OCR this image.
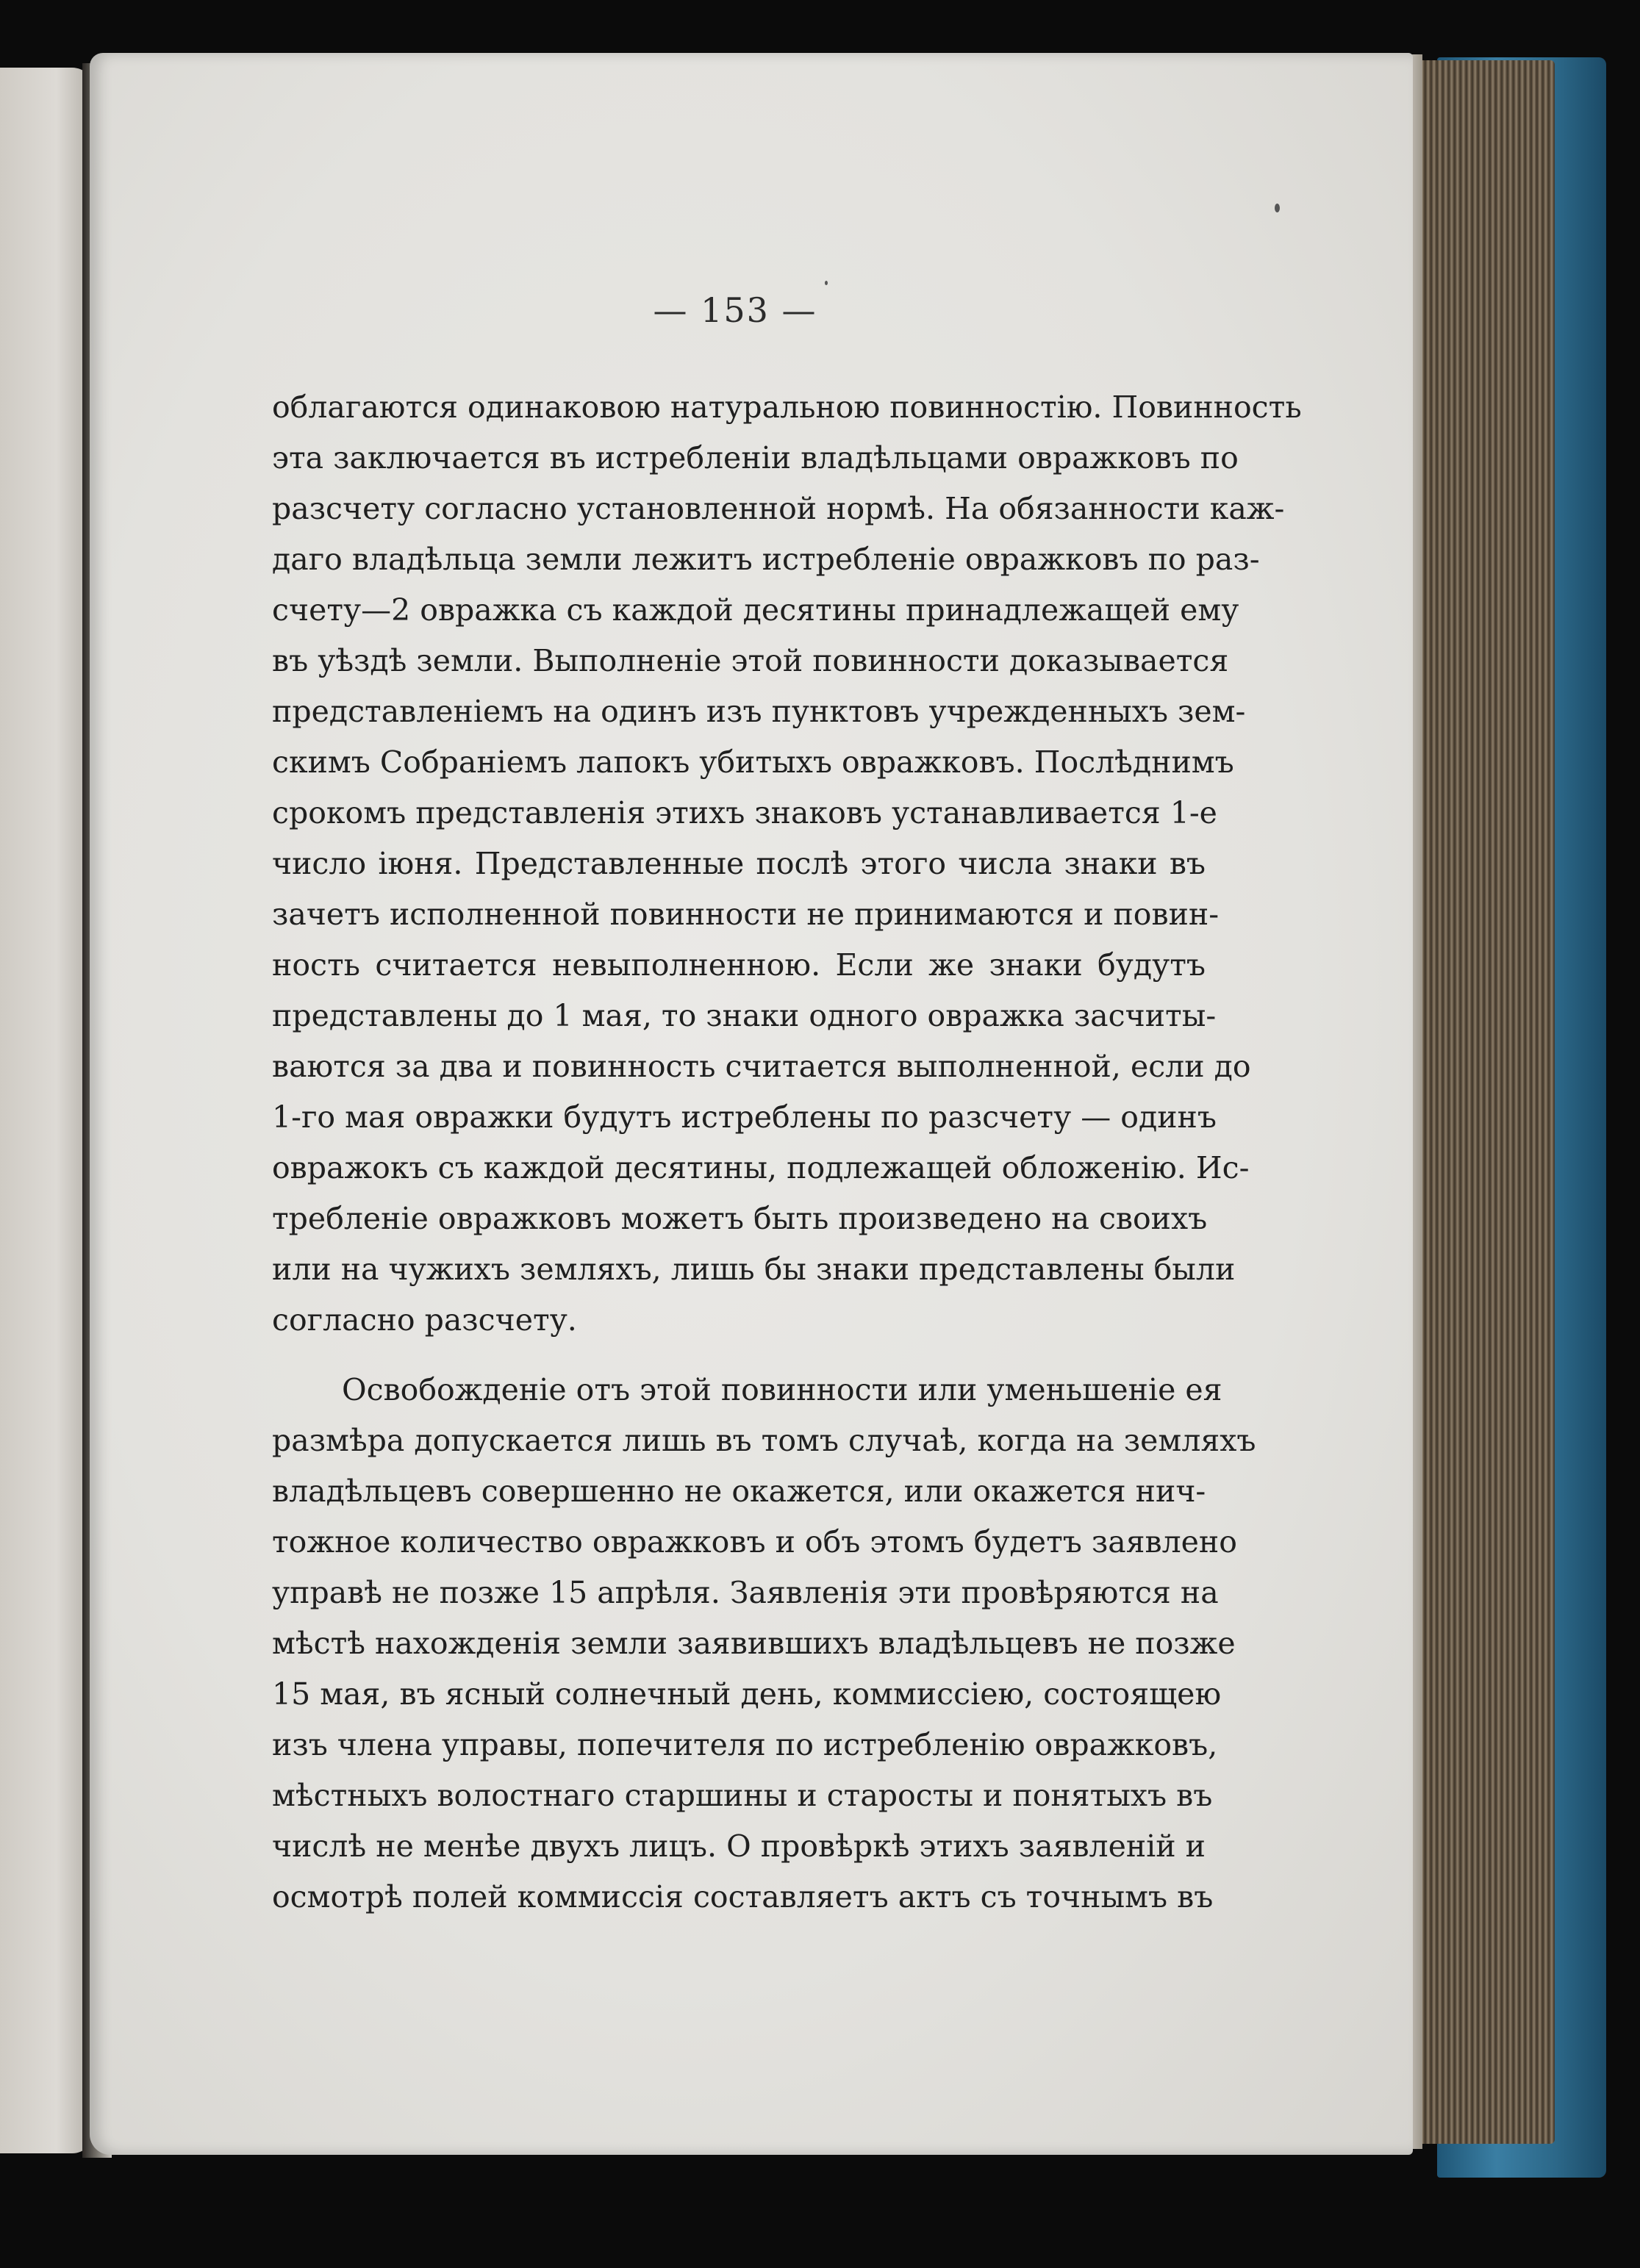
— 153 —
облагаются одинаковою натуральною повинностію. Повинность
эта заключается въ истребленіи владѣльцами овражковъ по
разсчету согласно установленной нормѣ. На обязанности каж-
даго владѣльца земли лежитъ истребленіе овражковъ по раз-
счету—2 овражка съ каждой десятины принадлежащей ему
въ уѣздѣ земли. Выполненіе этой повинности доказывается
представленіемъ на одинъ изъ пунктовъ учрежденныхъ зем-
скимъ Собраніемъ лапокъ убитыхъ овражковъ. Послѣднимъ
срокомъ представленія этихъ знаковъ устанавливается 1-е
число іюня. Представленные послѣ этого числа знаки въ
зачетъ исполненной повинности не принимаются и повин-
ность считается невыполненною. Если же знаки будутъ
представлены до 1 мая, то знаки одного овражка засчиты-
ваются за два и повинность считается выполненной, если до
1-го мая овражки будутъ истреблены по разсчету — одинъ
овражокъ съ каждой десятины, подлежащей обложенію. Ис-
требленіе овражковъ можетъ быть произведено на своихъ
или на чужихъ земляхъ, лишь бы знаки представлены были
согласно разсчету.
Освобожденіе отъ этой повинности или уменьшеніе ея
размѣра допускается лишь въ томъ случаѣ, когда на земляхъ
владѣльцевъ совершенно не окажется, или окажется нич-
тожное количество овражковъ и объ этомъ будетъ заявлено
управѣ не позже 15 апрѣля. Заявленія эти провѣряются на
мѣстѣ нахожденія земли заявившихъ владѣльцевъ не позже
15 мая, въ ясный солнечный день, коммиссіею, состоящею
изъ члена управы, попечителя по истребленію овражковъ,
мѣстныхъ волостнаго старшины и старосты и понятыхъ въ
числѣ не менѣе двухъ лицъ. О провѣркѣ этихъ заявленій и
осмотрѣ полей коммиссія составляетъ актъ съ точнымъ въ
